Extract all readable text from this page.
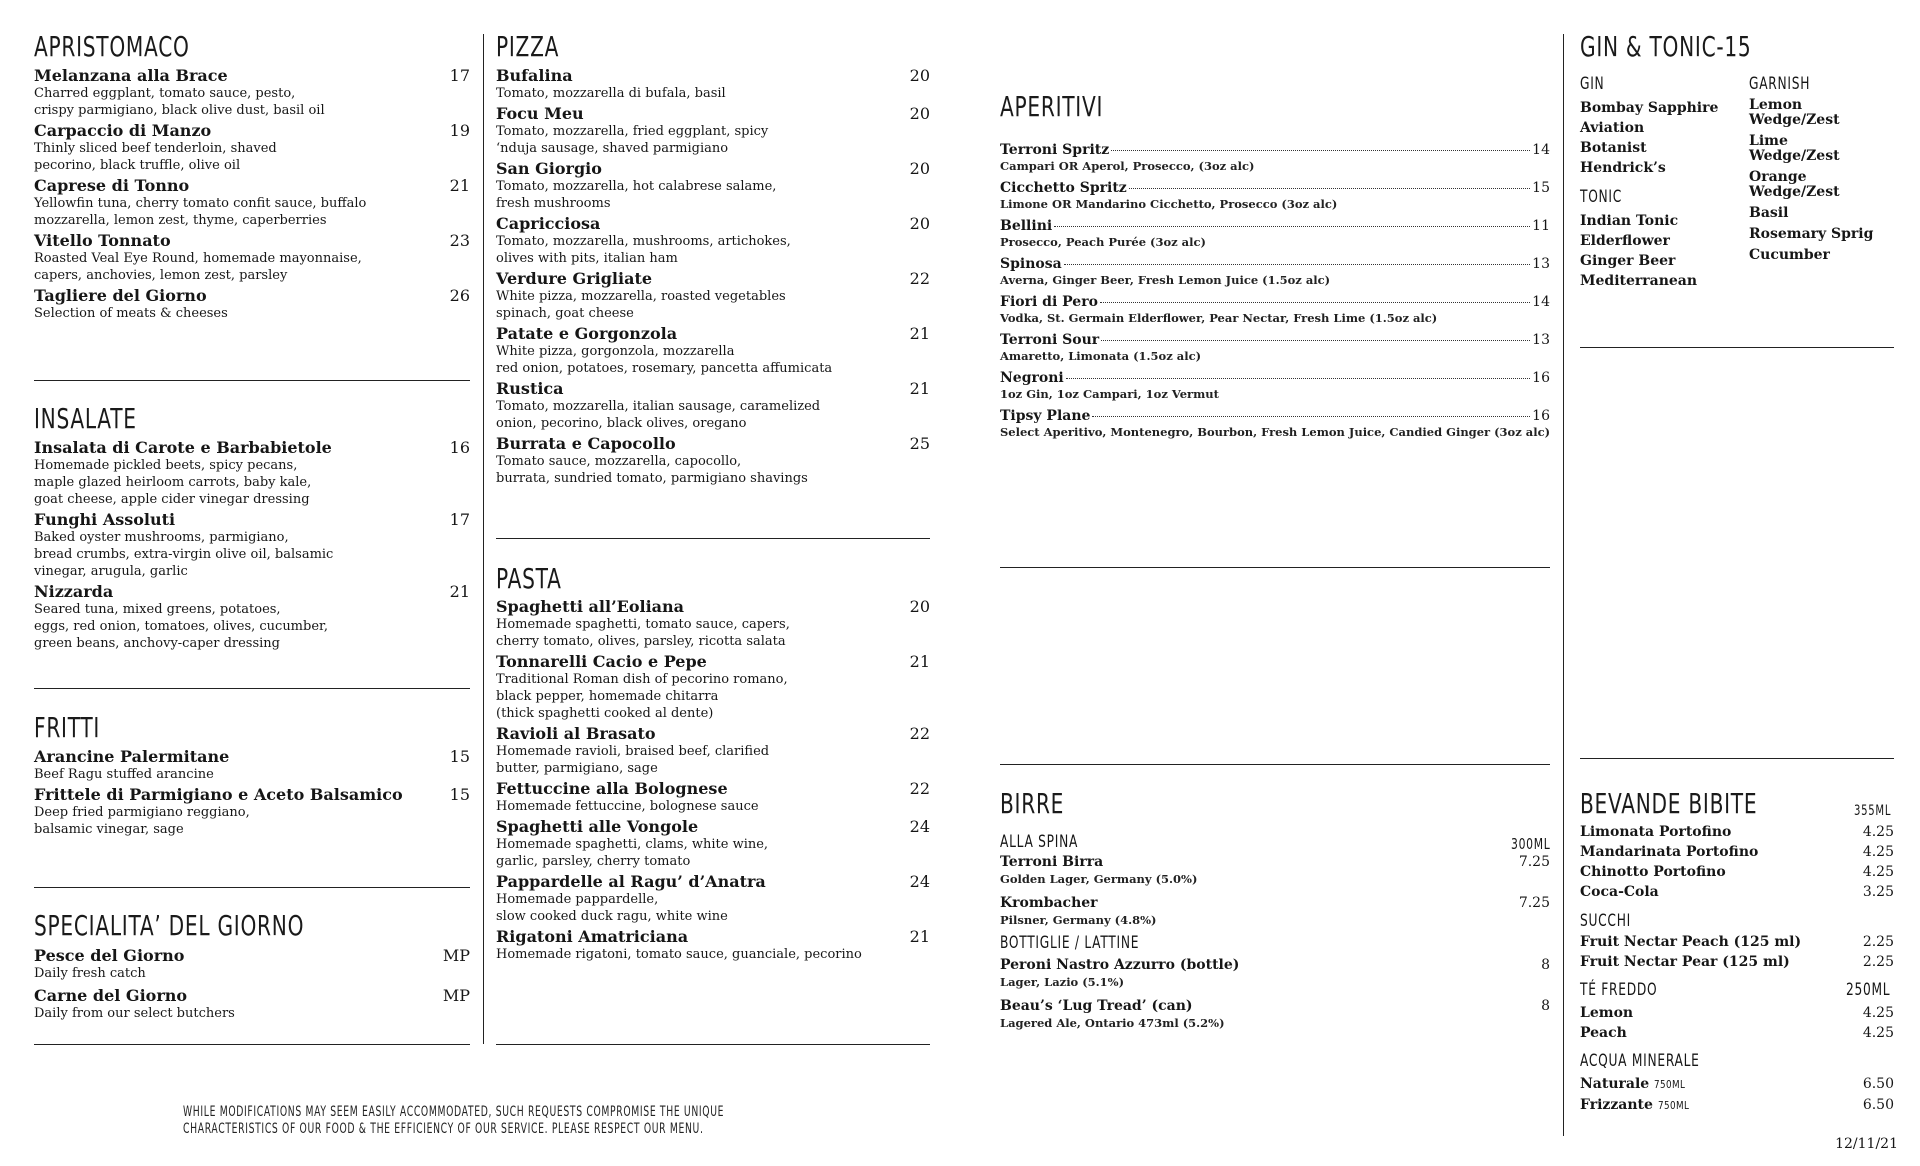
APRISTOMACO
Melanzana alla Brace	17
Charred eggplant, tomato sauce, pesto,
crispy parmigiano, black olive dust, basil oil
Carpaccio di Manzo	19
Thinly sliced beef tenderloin, shaved
pecorino, black truffle, olive oil
Caprese di Tonno	21
Yellowfin tuna, cherry tomato confit sauce, buffalo
mozzarella, lemon zest, thyme, caperberries
Vitello Tonnato	23
Roasted Veal Eye Round, homemade mayonnaise,
capers, anchovies, lemon zest, parsley
Tagliere del Giorno	26
Selection of meats & cheeses
INSALATE
Insalata di Carote e Barbabietole	16
Homemade pickled beets, spicy pecans,
maple glazed heirloom carrots, baby kale,
goat cheese, apple cider vinegar dressing
Funghi Assoluti	17
Baked oyster mushrooms, parmigiano,
bread crumbs, extra-virgin olive oil, balsamic
vinegar, arugula, garlic
Nizzarda	21
Seared tuna, mixed greens, potatoes,
eggs, red onion, tomatoes, olives, cucumber,
green beans, anchovy-caper dressing
FRITTI
Arancine Palermitane	15
Beef Ragu stuffed arancine
Frittele di Parmigiano e Aceto Balsamico	15
Deep fried parmigiano reggiano,
balsamic vinegar, sage
SPECIALITA’ DEL GIORNO
Pesce del Giorno	MP
Daily fresh catch
Carne del Giorno	MP
Daily from our select butchers
PIZZA
Bufalina	20
Tomato, mozzarella di bufala, basil
Focu Meu	20
Tomato, mozzarella, fried eggplant, spicy
‘nduja sausage, shaved parmigiano
San Giorgio	20
Tomato, mozzarella, hot calabrese salame,
fresh mushrooms
Capricciosa	20
Tomato, mozzarella, mushrooms, artichokes,
olives with pits, italian ham
Verdure Grigliate	22
White pizza, mozzarella, roasted vegetables
spinach, goat cheese
Patate e Gorgonzola	21
White pizza, gorgonzola, mozzarella
red onion, potatoes, rosemary, pancetta affumicata
Rustica	21
Tomato, mozzarella, italian sausage, caramelized
onion, pecorino, black olives, oregano
Burrata e Capocollo	25
Tomato sauce, mozzarella, capocollo,
burrata, sundried tomato, parmigiano shavings
PASTA
Spaghetti all’Eoliana	20
Homemade spaghetti, tomato sauce, capers,
cherry tomato, olives, parsley, ricotta salata
Tonnarelli Cacio e Pepe	21
Traditional Roman dish of pecorino romano,
black pepper, homemade chitarra
(thick spaghetti cooked al dente)
Ravioli al Brasato	22
Homemade ravioli, braised beef, clarified
butter, parmigiano, sage
Fettuccine alla Bolognese	22
Homemade fettuccine, bolognese sauce
Spaghetti alle Vongole	24
Homemade spaghetti, clams, white wine,
garlic, parsley, cherry tomato
Pappardelle al Ragu’ d’Anatra	24
Homemade pappardelle,
slow cooked duck ragu, white wine
Rigatoni Amatriciana	21
Homemade rigatoni, tomato sauce, guanciale, pecorino
APERITIVI
Terroni Spritz	14
Campari OR Aperol, Prosecco, (3oz alc)
Cicchetto Spritz	15
Limone OR Mandarino Cicchetto, Prosecco (3oz alc)
Bellini	11
Prosecco, Peach Purée (3oz alc)
Spinosa	13
Averna, Ginger Beer, Fresh Lemon Juice (1.5oz alc)
Fiori di Pero	14
Vodka, St. Germain Elderflower, Pear Nectar, Fresh Lime (1.5oz alc)
Terroni Sour	13
Amaretto, Limonata (1.5oz alc)
Negroni	16
1oz Gin, 1oz Campari, 1oz Vermut
Tipsy Plane	16
Select Aperitivo, Montenegro, Bourbon, Fresh Lemon Juice, Candied Ginger (3oz alc)
BIRRE
ALLA SPINA	300ML
Terroni Birra	7.25
Golden Lager, Germany (5.0%)
Krombacher	7.25
Pilsner, Germany (4.8%)
BOTTIGLIE / LATTINE
Peroni Nastro Azzurro (bottle)	8
Lager, Lazio (5.1%)
Beau’s ‘Lug Tread’ (can)	8
Lagered Ale, Ontario 473ml (5.2%)
GIN & TONIC-15
GIN
Bombay Sapphire
Aviation
Botanist
Hendrick’s
TONIC
Indian Tonic
Elderflower
Ginger Beer
Mediterranean
GARNISH
Lemon
Wedge/Zest
Lime
Wedge/Zest
Orange
Wedge/Zest
Basil
Rosemary Sprig
Cucumber
BEVANDE BIBITE	355ML
Limonata Portofino	4.25
Mandarinata Portofino	4.25
Chinotto Portofino	4.25
Coca-Cola	3.25
SUCCHI
Fruit Nectar Peach (125 ml)	2.25
Fruit Nectar Pear (125 ml)	2.25
TÉ FREDDO	250ML
Lemon	4.25
Peach	4.25
ACQUA MINERALE
Naturale 750ML	6.50
Frizzante 750ML	6.50
WHILE MODIFICATIONS MAY SEEM EASILY ACCOMMODATED, SUCH REQUESTS COMPROMISE THE UNIQUE
CHARACTERISTICS OF OUR FOOD & THE EFFICIENCY OF OUR SERVICE. PLEASE RESPECT OUR MENU.
12/11/21
